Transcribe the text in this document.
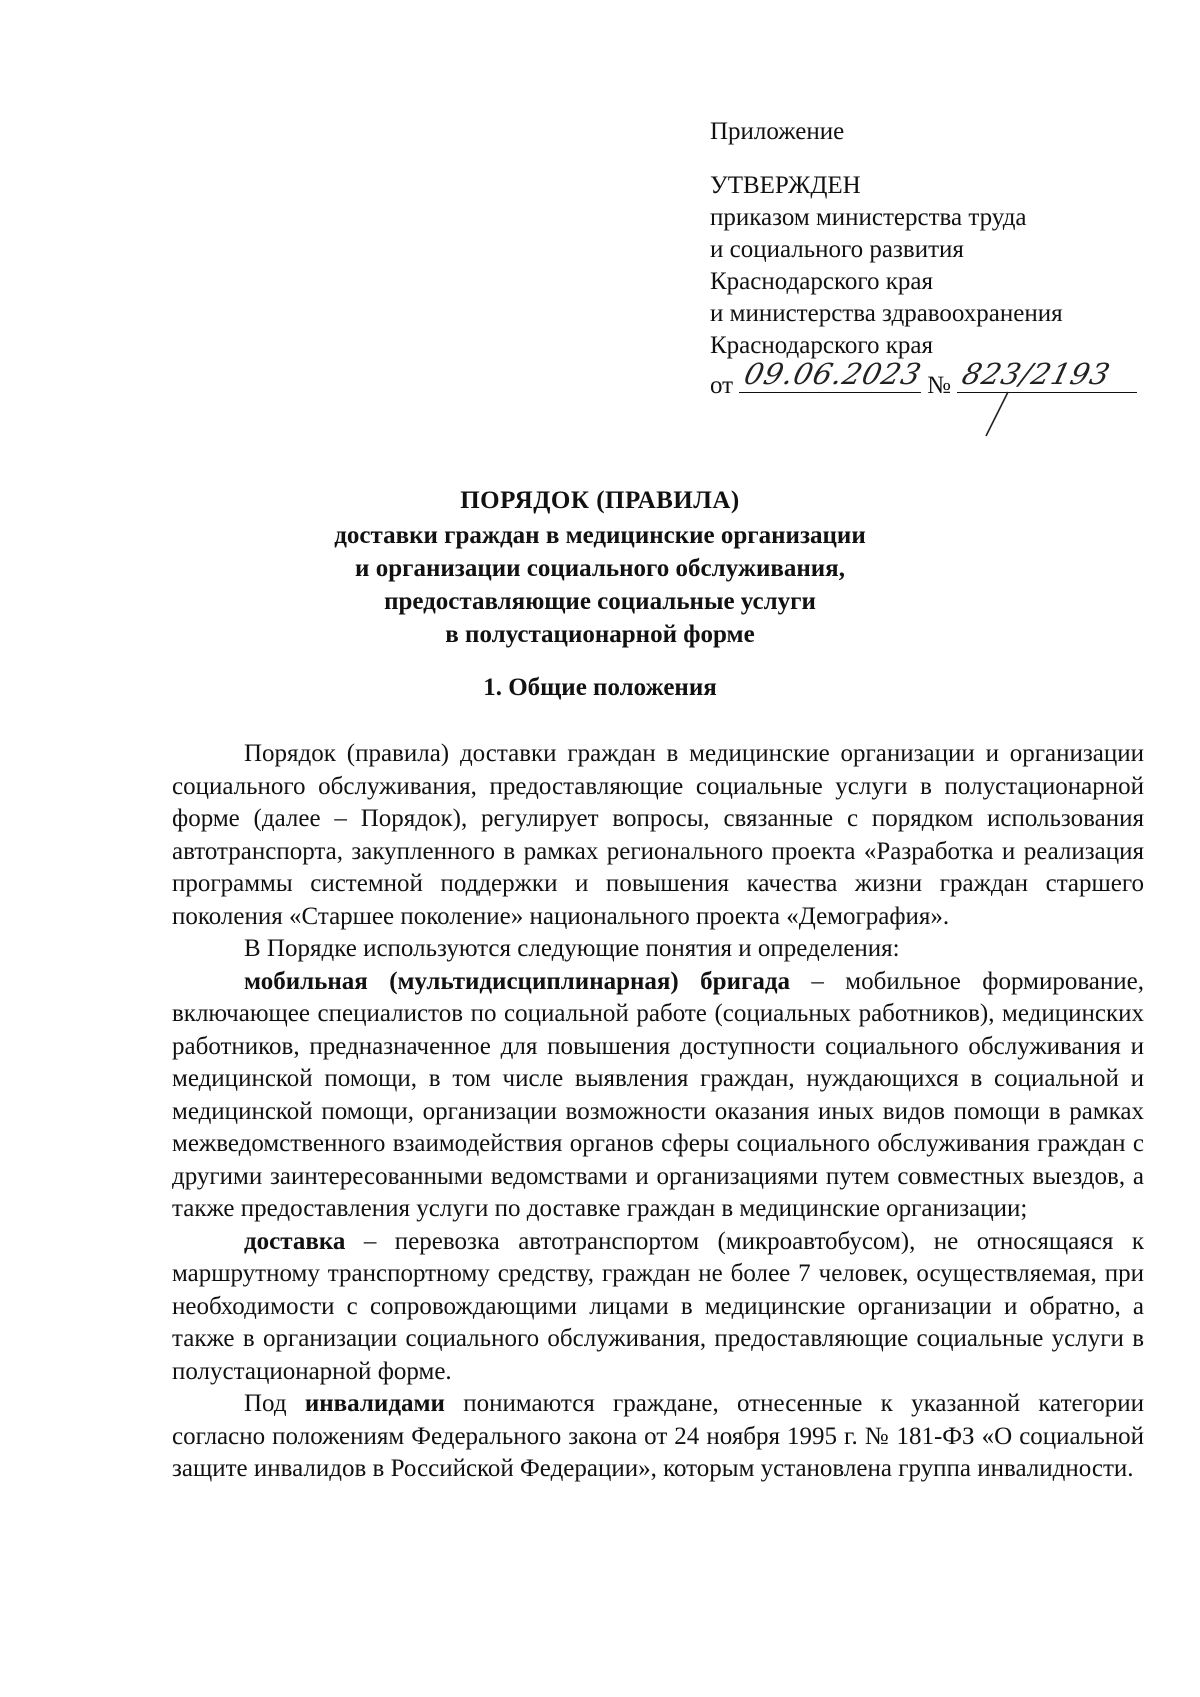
Приложение
УТВЕРЖДЕН
приказом министерства труда
и социального развития
Краснодарского края
и министерства здравоохранения
Краснодарского края
от 09.06.2023 № 823/2193
ПОРЯДОК (ПРАВИЛА)
доставки граждан в медицинские организации
и организации социального обслуживания,
предоставляющие социальные услуги
в полустационарной форме
1. Общие положения

Порядок (правила) доставки граждан в медицинские организации и организации социального обслуживания, предоставляющие социальные услуги в полустационарной форме (далее – Порядок), регулирует вопросы, связанные с порядком использования автотранспорта, закупленного в рамках регионального проекта «Разработка и реализация программы системной поддержки и повышения качества жизни граждан старшего поколения «Старшее поколение» национального проекта «Демография».

В Порядке используются следующие понятия и определения:

мобильная (мультидисциплинарная) бригада – мобильное формирование, включающее специалистов по социальной работе (социальных работников), медицинских работников, предназначенное для повышения доступности социального обслуживания и медицинской помощи, в том числе выявления граждан, нуждающихся в социальной и медицинской помощи, организации возможности оказания иных видов помощи в рамках межведомственного взаимодействия органов сферы социального обслуживания граждан с другими заинтересованными ведомствами и организациями путем совместных выездов, а также предоставления услуги по доставке граждан в медицинские организации;

доставка – перевозка автотранспортом (микроавтобусом), не относящаяся к маршрутному транспортному средству, граждан не более 7 человек, осуществляемая, при необходимости с сопровождающими лицами в медицинские организации и обратно, а также в организации социального обслуживания, предоставляющие социальные услуги в полустационарной форме.

Под инвалидами понимаются граждане, отнесенные к указанной категории согласно положениям Федерального закона от 24 ноября 1995 г. № 181-ФЗ «О социальной защите инвалидов в Российской Федерации», которым установлена группа инвалидности.
